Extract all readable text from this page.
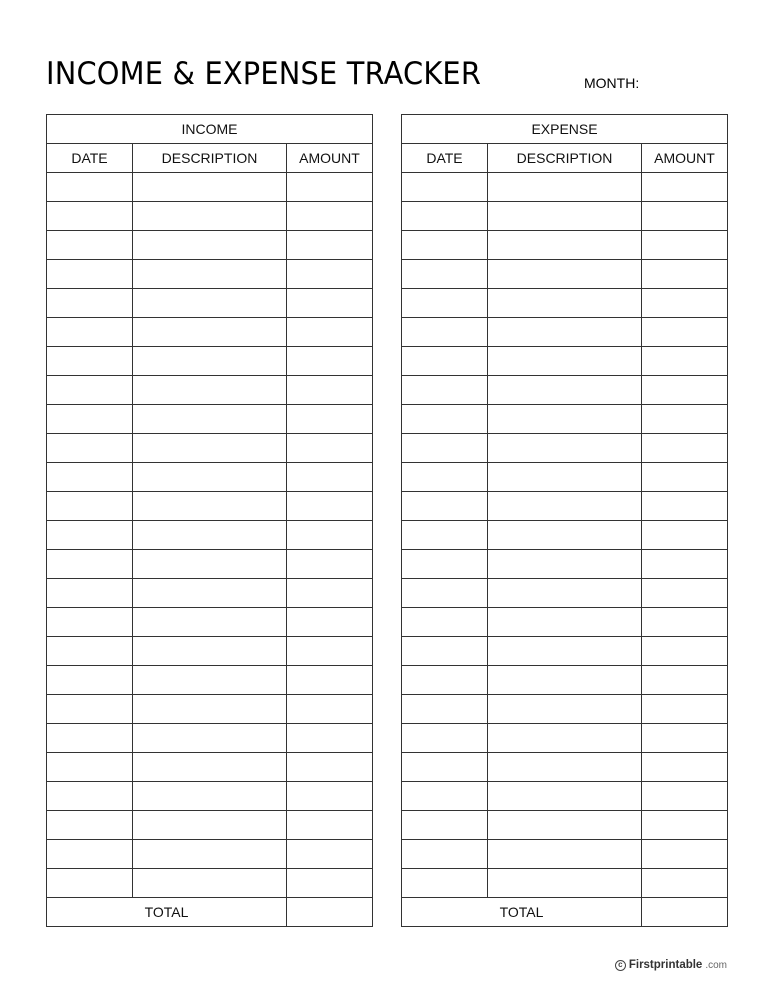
INCOME & EXPENSE TRACKER	MONTH:
INCOME		
DATE	DESCRIPTION	AMOUNT

TOTAL		
EXPENSE		
DATE	DESCRIPTION	AMOUNT

TOTAL		
c Firstprintable .com
